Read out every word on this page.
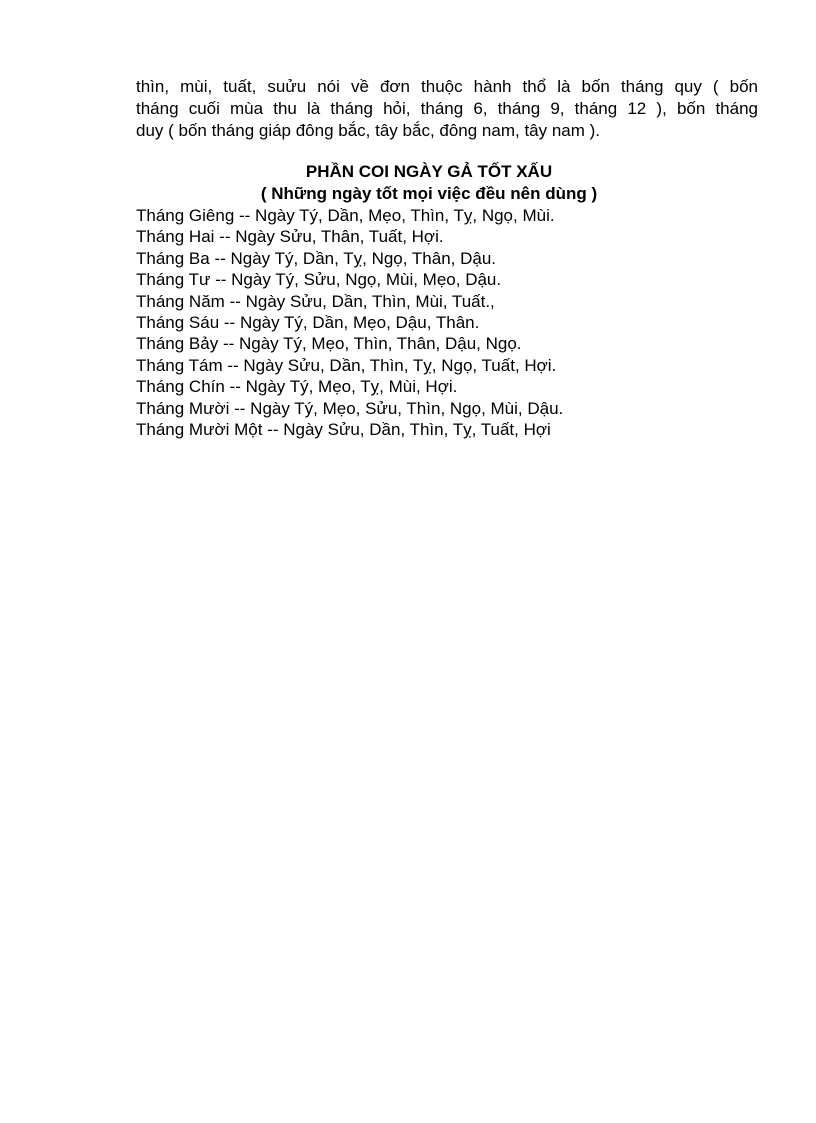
thìn, mùi, tuất, suửu nói về đơn thuộc hành thổ là bốn tháng quy ( bốn
tháng cuối mùa thu là tháng hỏi, tháng 6, tháng 9, tháng 12 ), bốn tháng
duy ( bốn tháng giáp đông bắc, tây bắc, đông nam, tây nam ).

PHẦN COI NGÀY GẢ TỐT XẤU
( Những ngày tốt mọi việc đều nên dùng )
Tháng Giêng -- Ngày Tý, Dần, Mẹo, Thìn, Tỵ, Ngọ, Mùi.
Tháng Hai -- Ngày Sửu, Thân, Tuất, Hợi.
Tháng Ba -- Ngày Tý, Dần, Tỵ, Ngọ, Thân, Dậu.
Tháng Tư -- Ngày Tý, Sửu, Ngọ, Mùi, Mẹo, Dậu.
Tháng Năm -- Ngày Sửu, Dần, Thìn, Mùi, Tuất.,
Tháng Sáu -- Ngày Tý, Dần, Mẹo, Dậu, Thân.
Tháng Bảy -- Ngày Tý, Mẹo, Thìn, Thân, Dậu, Ngọ.
Tháng Tám -- Ngày Sửu, Dần, Thìn, Tỵ, Ngọ, Tuất, Hợi.
Tháng Chín -- Ngày Tý, Mẹo, Tỵ, Mùi, Hợi.
Tháng Mười -- Ngày Tý, Mẹo, Sửu, Thìn, Ngọ, Mùi, Dậu.
Tháng Mười Một -- Ngày Sửu, Dần, Thìn, Tỵ, Tuất, Hợi
